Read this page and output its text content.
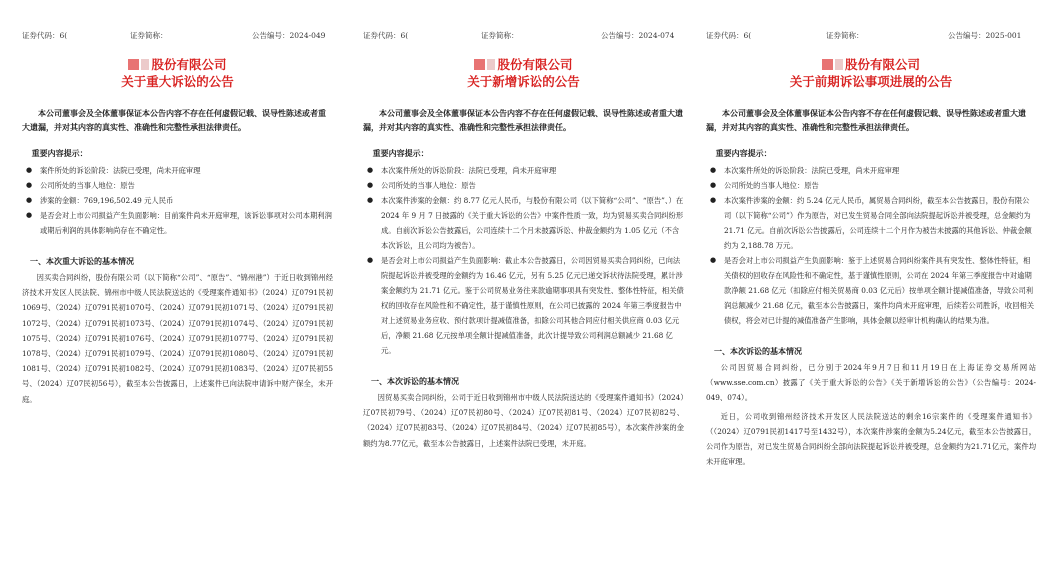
证券代码：6(	证券简称：	公告编号：2024-049
股份有限公司
关于重大诉讼的公告
本公司董事会及全体董事保证本公告内容不存在任何虚假记载、误导性陈述或者重大遗漏，并对其内容的真实性、准确性和完整性承担法律责任。
重要内容提示：
● 案件所处的诉讼阶段：法院已受理，尚未开庭审理
● 公司所处的当事人地位：原告
● 涉案的金额：769,196,502.49 元人民币
● 是否会对上市公司损益产生负面影响：目前案件尚未开庭审理，该诉讼事项对公司本期利润或期后利润的具体影响尚存在不确定性。
一、本次重大诉讼的基本情况
因买卖合同纠纷，股份有限公司（以下简称“公司”、“原告”、“锦州港”）于近日收到锦州经济技术开发区人民法院、锦州市中级人民法院送达的《受理案件通知书》（2024）辽0791民初1069号、（2024）辽0791民初1070号、（2024）辽0791民初1071号、（2024）辽0791民初1072号、（2024）辽0791民初1073号、（2024）辽0791民初1074号、（2024）辽0791民初1075号、（2024）辽0791民初1076号、（2024）辽0791民初1077号、（2024）辽0791民初1078号、（2024）辽0791民初1079号、（2024）辽0791民初1080号、（2024）辽0791民初1081号、（2024）辽0791民初1082号、（2024）辽0791民初1083号、（2024）辽07民初55号、（2024）辽07民初56号），截至本公告披露日，上述案件已向法院申请诉中财产保全，未开庭。
证券代码：6(	证券简称：	公告编号：2024-074
股份有限公司
关于新增诉讼的公告
本公司董事会及全体董事保证本公告内容不存在任何虚假记载、误导性陈述或者重大遗漏，并对其内容的真实性、准确性和完整性承担法律责任。
重要内容提示：
● 本次案件所处的诉讼阶段：法院已受理，尚未开庭审理
● 公司所处的当事人地位：原告
● 本次案件涉案的金额：约 8.77 亿元人民币，与股份有限公司（以下简称“公司”、“原告”、）在 2024 年 9 月 7 日披露的《关于重大诉讼的公告》中案件性质一致，均为贸易买卖合同纠纷形成。自前次诉讼公告披露后，公司连续十二个月未披露诉讼、仲裁金额约为 1.05 亿元（不含本次诉讼，且公司均为被告）。
● 是否会对上市公司损益产生负面影响：截止本公告披露日，公司因贸易买卖合同纠纷，已向法院提起诉讼并被受理的金额约为 16.46 亿元，另有 5.25 亿元已递交诉状待法院受理，累计涉案金额约为 21.71 亿元。鉴于公司贸易业务往来款逾期事项具有突发性、整体性特征，相关债权的回收存在风险性和不确定性，基于谨慎性原则，在公司已披露的 2024 年第三季度报告中对上述贸易业务应收、预付款项计提减值准备，扣除公司其他合同应付相关供应商 0.03 亿元后，净额 21.68 亿元按单项全额计提减值准备，此次计提导致公司利润总额减少 21.68 亿元。
一、本次诉讼的基本情况
因贸易买卖合同纠纷，公司于近日收到锦州市中级人民法院送达的《受理案件通知书》（2024）辽07民初79号、（2024）辽07民初80号、（2024）辽07民初81号、（2024）辽07民初82号、（2024）辽07民初83号、（2024）辽07民初84号、（2024）辽07民初85号），本次案件涉案的金额约为8.77亿元，截至本公告披露日，上述案件法院已受理，未开庭。
证券代码：6(	证券简称：	公告编号：2025-001
股份有限公司
关于前期诉讼事项进展的公告
本公司董事会及全体董事保证本公告内容不存在任何虚假记载、误导性陈述或者重大遗漏，并对其内容的真实性、准确性和完整性承担法律责任。
重要内容提示：
● 本次案件所处的诉讼阶段：法院已受理，尚未开庭审理
● 公司所处的当事人地位：原告
● 本次案件涉案的金额：约 5.24 亿元人民币，属贸易合同纠纷，截至本公告披露日，股份有限公司（以下简称“公司”）作为原告，对已发生贸易合同全部向法院提起诉讼并被受理，总金额约为 21.71 亿元。自前次诉讼公告披露后，公司连续十二个月作为被告未披露的其他诉讼、仲裁金额约为 2,188.78 万元。
● 是否会对上市公司损益产生负面影响：鉴于上述贸易合同纠纷案件具有突发性、整体性特征，相关债权的回收存在风险性和不确定性，基于谨慎性原则，公司在 2024 年第三季度报告中对逾期款净额 21.68 亿元（扣除应付相关贸易商 0.03 亿元后）按单项全额计提减值准备，导致公司利润总额减少 21.68 亿元，截至本公告披露日，案件均尚未开庭审理，后续若公司胜诉，收回相关债权，将会对已计提的减值准备产生影响，具体金额以经审计机构确认的结果为准。
一、本次诉讼的基本情况
公司因贸易合同纠纷，已分别于2024年9月7日和11月19日在上海证券交易所网站（www.sse.com.cn）披露了《关于重大诉讼的公告》《关于新增诉讼的公告》（公告编号：2024-049、074）。
近日，公司收到锦州经济技术开发区人民法院送达的剩余16宗案件的《受理案件通知书》（（2024）辽0791民初1417号至1432号），本次案件涉案的金额为5.24亿元，截至本公告披露日，公司作为原告，对已发生贸易合同纠纷全部向法院提起诉讼并被受理，总金额约为21.71亿元，案件均未开庭审理。
